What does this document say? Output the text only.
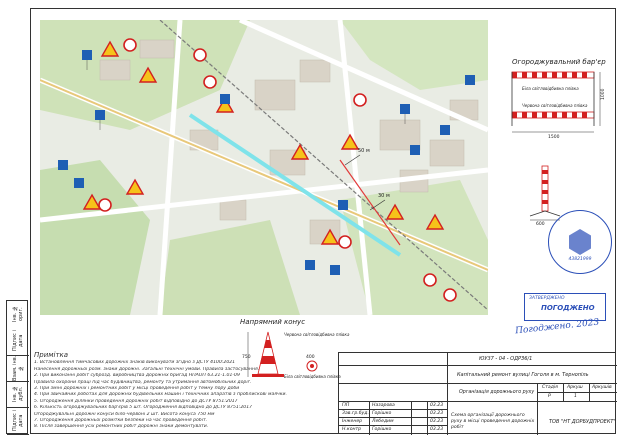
Інв. № ориг.
Підпис і дата
Взам. інв. №
Інв. № дубл.
Підпис і дата
50 м
30 м
Огороджувальний бар'єр
600
1500
1000
Біла світловідбивна плівка
Червона світловідбивна плівка
Напрямний конус
750	400
Червона світловідбивна плівка
Біла світловідбивна плівка
Примітка
1. Встановлення тимчасових дорожніх знаків виконувати згідно з ДСТУ 4100:2021
Нанесення дорожньої розм. знаки дорожні. Загальні технічні умови. Правила застосування.
2. При виконанні робіт суброзд. виробництва дорожніх бригад НПАОП 63.21-1.01-09
Правила охорони праці під час будівництва, ремонту та утримання автомобільних доріг.
3. При зміні дорожніх і ремонтних робіт у місці проведення робіт у темну пору доби
4. При звичайних роботах для дорожніх будівельних машин і технічних апаратів з проблискові маячки.
5. Огородження ділянки проведення дорожніх робіт відповідно до ДСТУ 8751:2017
6. Кількість огороджувальних бар'єрів 5 шт. Огородження відповідно до ДСТУ 8751:2017
Огороджувальні дорожні конуси біло-червоні 2 шт. Висота конуса 750 мм
7. Огородження дорожньої розмітки безпеки на час проведення робіт.
8. Після завершення усіх ремонтних робіт дорожні знаки демонтувати.
43821999
ЗАТВЕРДЖЕНО
ПОГОДЖЕНО
Погоджено. 2023
ЮУ37 - 04 - ОДРЗ6/1
Капітальний ремонт вулиці Гоголя в м. Тернопіль
Організація дорожнього руху
Стадія Аркуш Аркушів
Р	1
Схема організації дорожнього руху в місці проведення дорожніх робіт
ТОВ "НТ ДОРБУДПРОЕКТ"
ГІП	Назарова	03.23
Зав.гр.буд. Горішко	03.23
Інженер Лебедим	03.23
Н.контр Горішко	03.23
